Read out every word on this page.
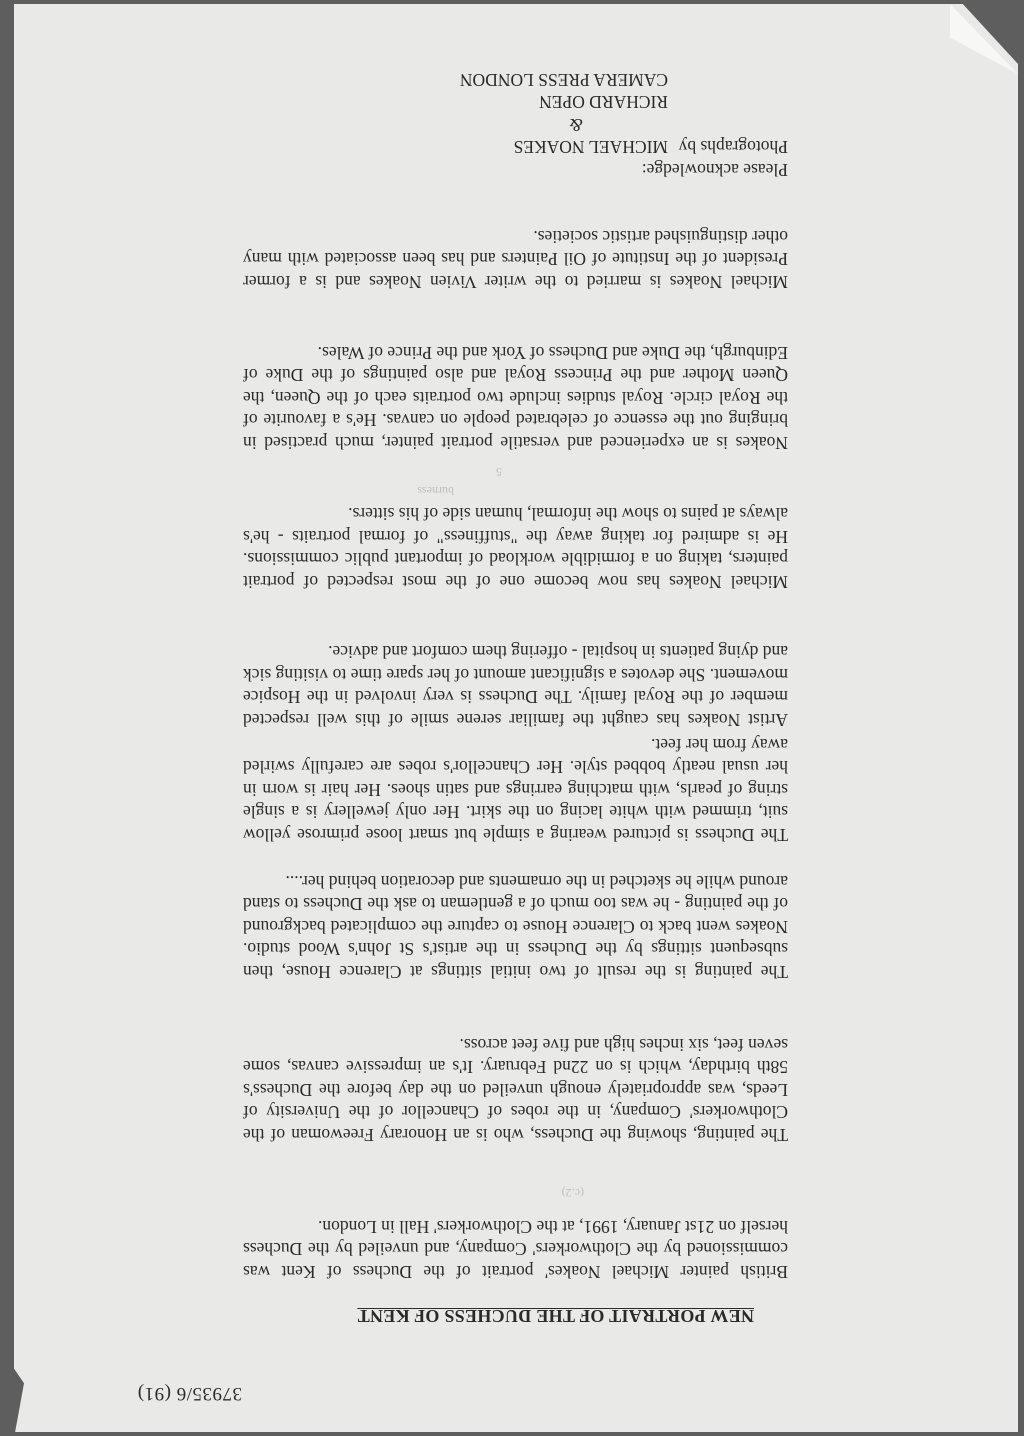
37935/6 (91)
NEW PORTRAIT OF THE DUCHESS OF KENT

British painter Michael Noakes' portrait of the Duchess of Kent was commissioned by the Clothworkers' Company, and unveiled by the Duchess herself on 21st January, 1991, at the Clothworkers' Hall in London.

The painting, showing the Duchess, who is an Honorary Freewoman of the Clothworkers' Company, in the robes of Chancellor of the University of Leeds, was appropriately enough unveiled on the day before the Duchess's 58th birthday, which is on 22nd February. It's an impressive canvas, some seven feet, six inches high and five feet across.

The painting is the result of two initial sittings at Clarence House, then subsequent sittings by the Duchess in the artist's St John's Wood studio. Noakes went back to Clarence House to capture the complicated background of the painting - he was too much of a gentleman to ask the Duchess to stand around while he sketched in the ornaments and decoration behind her....

The Duchess is pictured wearing a simple but smart loose primrose yellow suit, trimmed with white lacing on the skirt. Her only jewellery is a single string of pearls, with matching earrings and satin shoes. Her hair is worn in her usual neatly bobbed style. Her Chancellor's robes are carefully swirled away from her feet.

Artist Noakes has caught the familiar serene smile of this well respected member of the Royal family. The Duchess is very involved in the Hospice movement. She devotes a significant amount of her spare time to visiting sick and dying patients in hospital - offering them comfort and advice.

Michael Noakes has now become one of the most respected of portrait painters, taking on a formidible workload of important public commissions. He is admired for taking away the "stuffiness" of formal portraits - he's always at pains to show the informal, human side of his sitters.

Noakes is an experienced and versatile portrait painter, much practised in bringing out the essence of celebrated people on canvas. He's a favourite of the Royal circle. Royal studies include two portraits each of the Queen, the Queen Mother and the Princess Royal and also paintings of the Duke of Edinburgh, the Duke and Duchess of York and the Prince of Wales.

Michael Noakes is married to the writer Vivien Noakes and is a former President of the Institute of Oil Painters and has been associated with many other distinguished artistic societies.

Please acknowledge:
Photographs byMICHAEL NOAKES
&
RICHARD OPEN
CAMERA PRESS LONDON
burness
5
(c.2)
